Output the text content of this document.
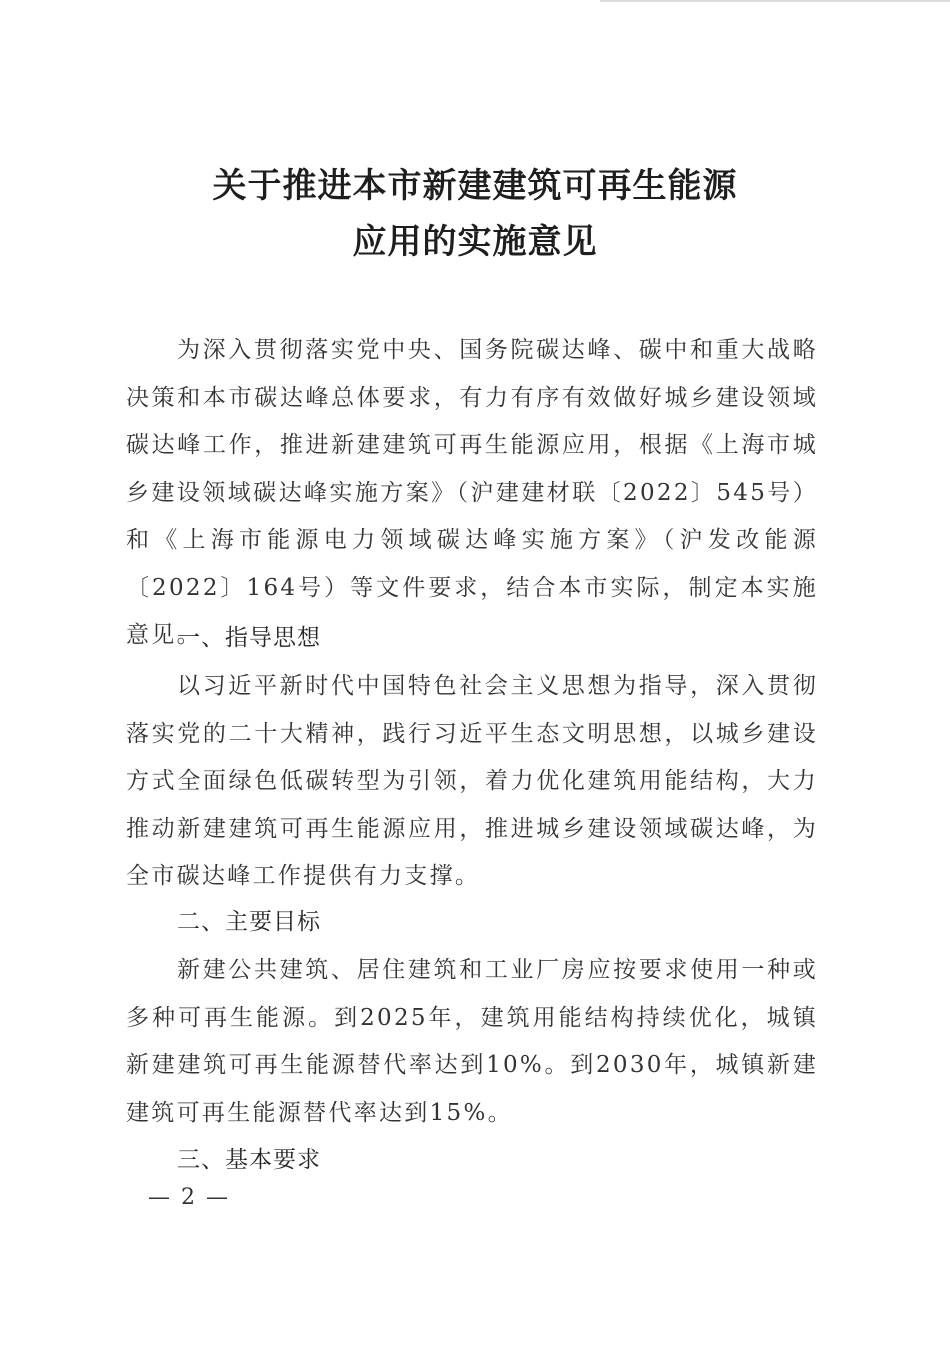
关于推进本市新建建筑可再生能源
应用的实施意见
为深入贯彻落实党中央、国务院碳达峰、碳中和重大战略决策和本市碳达峰总体要求，有力有序有效做好城乡建设领域碳达峰工作，推进新建建筑可再生能源应用，根据《上海市城乡建设领域碳达峰实施方案》（沪建建材联〔2022〕545号）和《上海市能源电力领域碳达峰实施方案》（沪发改能源〔2022〕164号）等文件要求，结合本市实际，制定本实施意见。
一、指导思想
以习近平新时代中国特色社会主义思想为指导，深入贯彻落实党的二十大精神，践行习近平生态文明思想，以城乡建设方式全面绿色低碳转型为引领，着力优化建筑用能结构，大力推动新建建筑可再生能源应用，推进城乡建设领域碳达峰，为全市碳达峰工作提供有力支撑。
二、主要目标
新建公共建筑、居住建筑和工业厂房应按要求使用一种或多种可再生能源。到2025年，建筑用能结构持续优化，城镇新建建筑可再生能源替代率达到10%。到2030年，城镇新建建筑可再生能源替代率达到15%。
三、基本要求
— 2 —
